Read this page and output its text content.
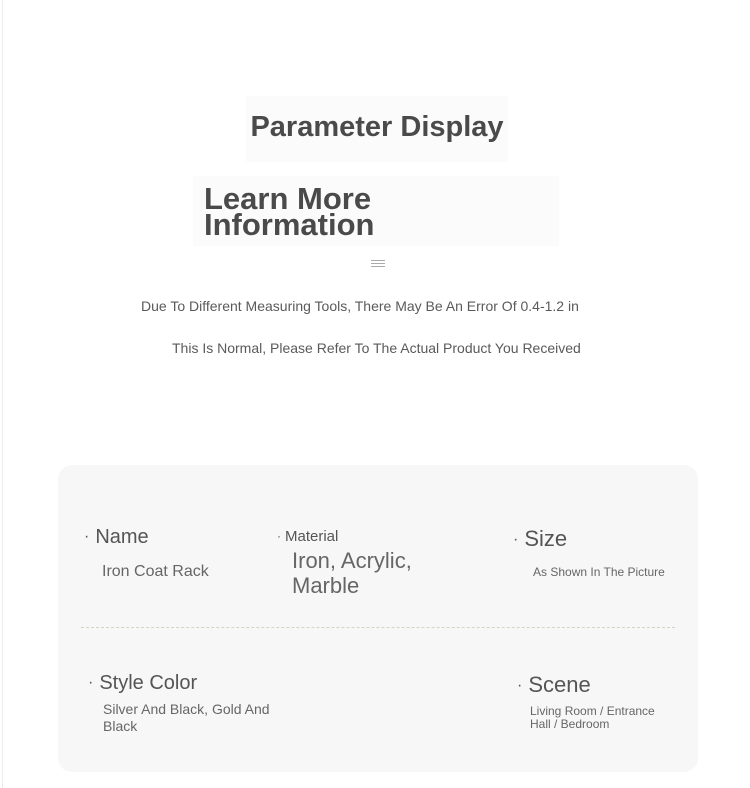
Parameter Display
Learn More Information
Due To Different Measuring Tools, There May Be An Error Of 0.4-1.2 in
This Is Normal, Please Refer To The Actual Product You Received
· Name
Iron Coat Rack
· Material
Iron, Acrylic, Marble
· Size
As Shown In The Picture
· Style Color
Silver And Black, Gold And Black
· Scene
Living Room / Entrance Hall / Bedroom
